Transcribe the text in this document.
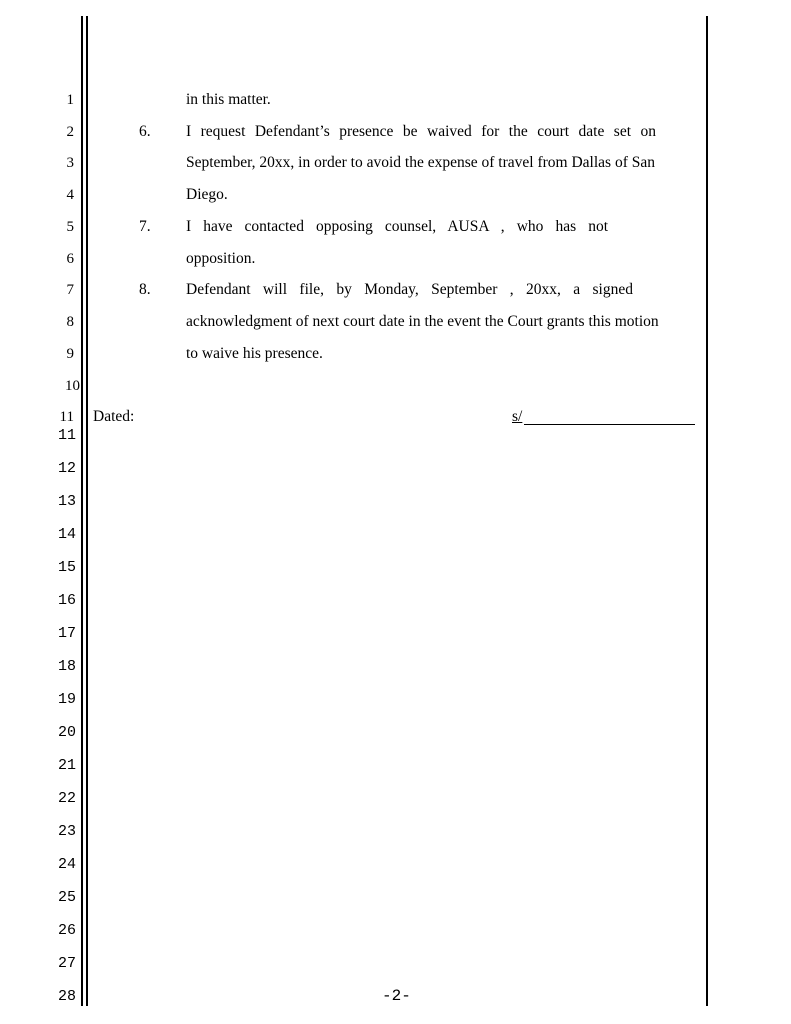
1
2
3
4
5
6
7
8
9
10
11
11
12
13
14
15
16
17
18
19
20
21
22
23
24
25
26
27
28
in this matter.
6. I request Defendant’s presence be waived for the court date set on
September, 20xx, in order to avoid the expense of travel from Dallas of San
Diego.
7. I have contacted opposing counsel, AUSA , who has not
opposition.
8. Defendant will file, by Monday, September , 20xx, a signed
acknowledgment of next court date in the event the Court grants this motion
to waive his presence.
Dated:	s/
-2-
